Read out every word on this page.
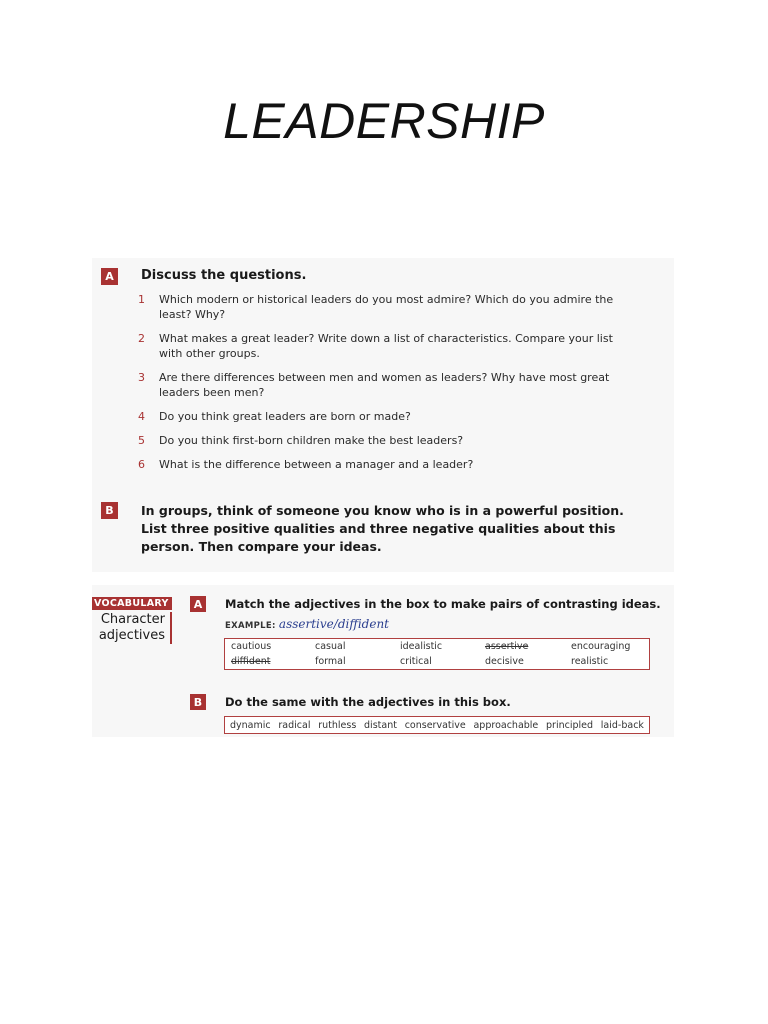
LEADERSHIP
A	Discuss the questions.
1	Which modern or historical leaders do you most admire? Which do you admire the least? Why?
2	What makes a great leader? Write down a list of characteristics. Compare your list with other groups.
3	Are there differences between men and women as leaders? Why have most great leaders been men?
4	Do you think great leaders are born or made?
5	Do you think first-born children make the best leaders?
6	What is the difference between a manager and a leader?
B	In groups, think of someone you know who is in a powerful position. List three positive qualities and three negative qualities about this person. Then compare your ideas.
VOCABULARY
Character
adjectives
A	Match the adjectives in the box to make pairs of contrasting ideas.
EXAMPLE: assertive/diffident
cautious	casual	idealistic	assertive	encouraging
diffident	formal	critical	decisive	realistic
B	Do the same with the adjectives in this box.
dynamic radical ruthless distant conservative approachable principled laid-back
